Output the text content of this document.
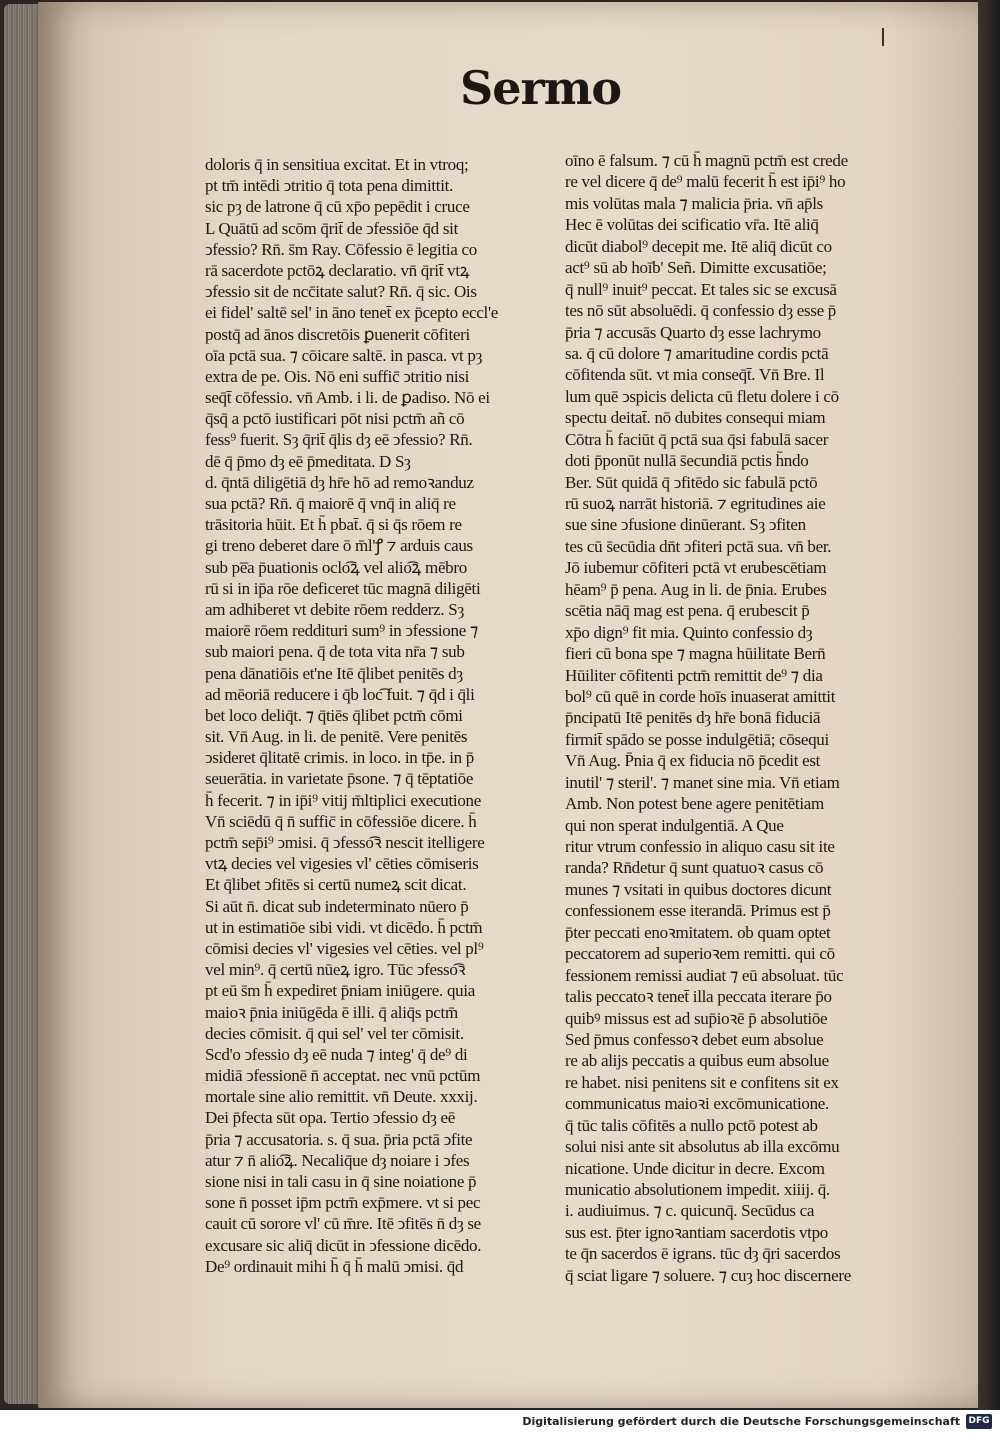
Sermo
doloris q̄ in sensitiua excitat. Et in vtroq;
pt tm̄ intēdi ↄtritio q̄ tota pena dimittit.
sic pȝ de latrone q̄ cū xp̄o pepēdit i cruce
L Quātū ad scōm q̄rit̄ de ↄfessiōe q̄d sit
ↄfessio? Rn̄. s̄m Ray. Cōfessio ē legitia co
rā sacerdote pctōꝝ declaratio. vn̄ q̄rit̄ vtꝝ
ↄfessio sit de ncc̄itate salut? Rn̄. q̄ sic. Ois
ei fidel' saltē sel' in āno tenet̄ ex p̄cepto eccl'e
postq̄ ad ānos discretōis ꝑuenerit cōfiteri
oīa pctā sua. ⁊ cōicare saltē. in pasca. vt pȝ
extra de pe. Ois. Nō eni suffic̄ ↄtritio nisi
seq̄t̄ cōfessio. vn̄ Amb. i li. de ꝑadiso. Nō ei
q̄sq̄ a pctō iustificari pōt nisi pctm̄ añ cō
fess⁹ fuerit. Sȝ q̄rit̄ q̄lis dȝ eē ↄfessio? Rn̄.
dē q̄ p̄mo dȝ eē p̄meditata. D Sȝ
d. q̄ntā diligētiā dȝ hr̄e hō ad remoꝛanduz
sua pctā? Rn̄. q̄ maiorē q̄̄ vnq̄ in aliq̄ re
trāsitoria hūit. Et h̄ pbat̄. q̄ si q̄s rōem re
gi treno deberet dare ō m̄l'ꝭ ⁊ arduis caus
sub pe̅a p̄uationis oclo͡ꝝ vel alio͡ꝝ mēbro
rū si in ip̄a rōe deficeret tūc magnā diligēti
am adhiberet vt debite rōem redderz. Sȝ
maiorē rōem reddituri sum⁹ in ↄfessione ⁊
sub maiori pena. q̄ de tota vita nr̄a ⁊ sub
pena dānatiōis et'ne Itē q̄libet penitēs dȝ
ad mēoriā reducere i q̄b loc͡ fuit. ⁊ q̄d i q̄li
bet loco deliq̄t. ⁊ q̄tiēs q̄libet pctm̄ cōmi
sit. Vn̄ Aug. in li. de penitē. Vere penitēs
ↄsideret q̄litatē crimis. in loco. in tp̄e. in p̄
seuerātia. in varietate p̄sone. ⁊ q̄ tēptatiōe
h̄ fecerit. ⁊ in ip̄i⁹ vitij m̄ltiplici executione
Vn̄ sciēdū q̄ n̄ suffic̄ in cōfessiōe dicere. h̄
pctm̄ sep̄i⁹ ↄmisi. q̄ ↄfesso͡ꝛ nescit itelligere
vtꝝ decies vel vigesies vl' cēties cōmiseris
Et q̄libet ↄfitēs si certū numeꝝ scit dicat.
Si aūt n̄. dicat sub indeterminato nūero p̄
ut in estimatiōe sibi vidi. vt dicēdo. h̄ pctm̄
cōmisi decies vl' vigesies vel cēties. vel pl⁹
vel min⁹. q̄ certū nūeꝝ igro. Tūc ↄfesso͡ꝛ
pt eū s̄m h̄ expediret p̄niam iniūgere. quia
maioꝛ p̄nia iniūgēda ē illi. q̄ aliq̄s pctm̄
decies cōmisit. q̄ qui sel' vel ter cōmisit.
Scd'o ↄfessio dȝ eē nuda ⁊ integ' q̄ de⁹ di
midiā ↄfessionē n̄ acceptat. nec vnū pctūm
mortale sine alio remittit. vn̄ Deute. xxxij.
Dei p̄fecta sūt opa. Tertio ↄfessio dȝ eē
p̄ria ⁊ accusatoria. s. q̄ sua. p̄ria pctā ↄfite
atur ⁊ n̄ alio͡ꝝ. Necaliq̄ue dȝ noiare i ↄfes
sione nisi in tali casu in q̄ sine noiatione p̄
sone n̄ posset ip̄m pctm̄ exp̄mere. vt si pec
cauit cū sorore vl' cū m̄re. Itē ↄfitēs n̄ dȝ se
excusare sic aliq̄ dicūt in ↄfessione dicēdo.
De⁹ ordinauit mihi h̄ q̄ h̄ malū ↄmisi. q̄d
oīno ē falsum. ⁊ cū h̄ magnū pctm̄ est crede
re vel dicere q̄ de⁹ malū fecerit h̄ est ip̄i⁹ ho
mis volūtas mala ⁊ malicia p̄ria. vn̄ ap̄ls
Hec ē volūtas dei scificatio vr̄a. Itē aliq̄
dicūt diabol⁹ decepit me. Itē aliq̄ dicūt co
act⁹ sū ab hoīb' Señ. Dimitte excusatiōe;
q̄ null⁹ inuit⁹ peccat. Et tales sic se excusā
tes nō sūt absoluēdi. q̄ confessio dȝ esse p̄
p̄ria ⁊ accusās Quarto dȝ esse lachrymo
sa. q̄ cū dolore ⁊ amaritudine cordis pctā
cōfitenda sūt. vt mia conseq̄t̄. Vn̄ Bre. Il
lum quē ↄspicis delicta cū fletu dolere i cō
spectu deitat̄. nō dubites consequi miam
Cōtra h̄ faciūt q̄ pctā sua q̄si fabulā sacer
doti p̄ponūt nullā s̄ecundiā pctis h̄ndo
Ber. Sūt quidā q̄ ↄfitēdo sic fabulā pctō
rū suoꝝ narrāt historiā. ⁊ egritudines aie
sue sine ↄfusione dinūerant. Sȝ ↄfiten
tes cū s̄ecūdia dn̄t ↄfiteri pctā sua. vn̄ ber.
Jō iubemur cōfiteri pctā vt erubescētiam
hēam⁹ p̄ pena. Aug in li. de p̄nia. Erubes
scētia nāq̄ mag est pena. q̄ erubescit p̄
xp̄o dign⁹ fit mia. Quinto confessio dȝ
fieri cū bona spe ⁊ magna hūilitate Bern̄
Hūiliter cōfitenti pctm̄ remittit de⁹ ⁊ dia
bol⁹ cū quē in corde hoīs inuaserat amittit
p̄ncipatū Itē penitēs dȝ hr̄e bonā fiduciā
firmit̄ spādo se posse indulgētiā; cōsequi
Vn̄ Aug. P̄nia q̄ ex fiducia nō p̄cedit est
inutil' ⁊ steril'. ⁊ manet sine mia. Vn̄ etiam
Amb. Non potest bene agere penitētiam
qui non sperat indulgentiā. A Que
ritur vtrum confessio in aliquo casu sit ite
randa? Rn̄detur q̄ sunt quatuoꝛ casus cō
munes ⁊ vsitati in quibus doctores dicunt
confessionem esse iterandā. Primus est p̄
p̄ter peccati enoꝛmitatem. ob quam optet
peccatorem ad superioꝛem remitti. qui cō
fessionem remissi audiat ⁊ eū absoluat. tūc
talis peccatoꝛ tenet̄ illa peccata iterare p̄o
quibꝰ missus est ad sup̄ioꝛē p̄ absolutiōe
Sed p̄mus confessoꝛ debet eum absolue
re ab alijs peccatis a quibus eum absolue
re habet. nisi penitens sit e confitens sit ex
communicatus maioꝛi excōmunicatione.
q̄ tūc talis cōfitēs a nullo pctō potest ab
solui nisi ante sit absolutus ab illa excōmu
nicatione. Unde dicitur in decre. Excom
municatio absolutionem impedit. xiiij. q̄.
i. audiuimus. ⁊ c. quicunq̄. Secūdus ca
sus est. p̄ter ignoꝛantiam sacerdotis vtpo
te q̄n sacerdos ē igrans. tūc dȝ q̄ri sacerdos
q̄ sciat ligare ⁊ soluere. ⁊ cuȝ hoc discernere
Digitalisierung gefördert durch die Deutsche Forschungsgemeinschaft DFG
